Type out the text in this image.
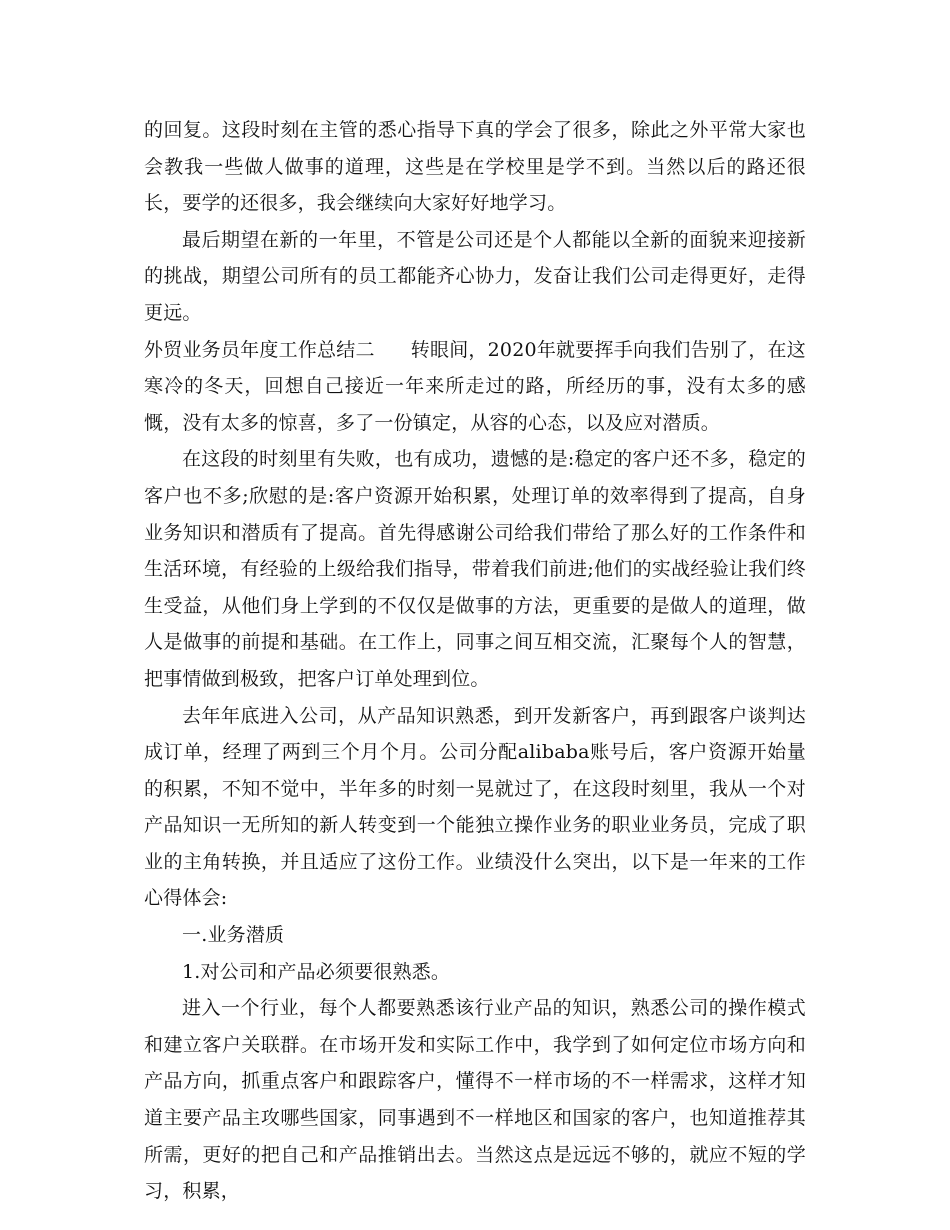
的回复。这段时刻在主管的悉心指导下真的学会了很多，除此之外平常大家也会教我一些做人做事的道理，这些是在学校里是学不到。当然以后的路还很长，要学的还很多，我会继续向大家好好地学习。

最后期望在新的一年里，不管是公司还是个人都能以全新的面貌来迎接新的挑战，期望公司所有的员工都能齐心协力，发奋让我们公司走得更好，走得更远。

外贸业务员年度工作总结二 转眼间，2020年就要挥手向我们告别了，在这寒冷的冬天，回想自己接近一年来所走过的路，所经历的事，没有太多的感慨，没有太多的惊喜，多了一份镇定，从容的心态，以及应对潜质。

在这段的时刻里有失败，也有成功，遗憾的是:稳定的客户还不多，稳定的客户也不多;欣慰的是:客户资源开始积累，处理订单的效率得到了提高，自身业务知识和潜质有了提高。首先得感谢公司给我们带给了那么好的工作条件和生活环境，有经验的上级给我们指导，带着我们前进;他们的实战经验让我们终生受益，从他们身上学到的不仅仅是做事的方法，更重要的是做人的道理，做人是做事的前提和基础。在工作上，同事之间互相交流，汇聚每个人的智慧，把事情做到极致，把客户订单处理到位。

去年年底进入公司，从产品知识熟悉，到开发新客户，再到跟客户谈判达成订单，经理了两到三个月个月。公司分配alibaba账号后，客户资源开始量的积累，不知不觉中，半年多的时刻一晃就过了，在这段时刻里，我从一个对产品知识一无所知的新人转变到一个能独立操作业务的职业业务员，完成了职业的主角转换，并且适应了这份工作。业绩没什么突出，以下是一年来的工作心得体会:

一.业务潜质

1.对公司和产品必须要很熟悉。

进入一个行业，每个人都要熟悉该行业产品的知识，熟悉公司的操作模式和建立客户关联群。在市场开发和实际工作中，我学到了如何定位市场方向和产品方向，抓重点客户和跟踪客户，懂得不一样市场的不一样需求，这样才知道主要产品主攻哪些国家，同事遇到不一样地区和国家的客户，也知道推荐其所需，更好的把自己和产品推销出去。当然这点是远远不够的，就应不短的学习，积累，
